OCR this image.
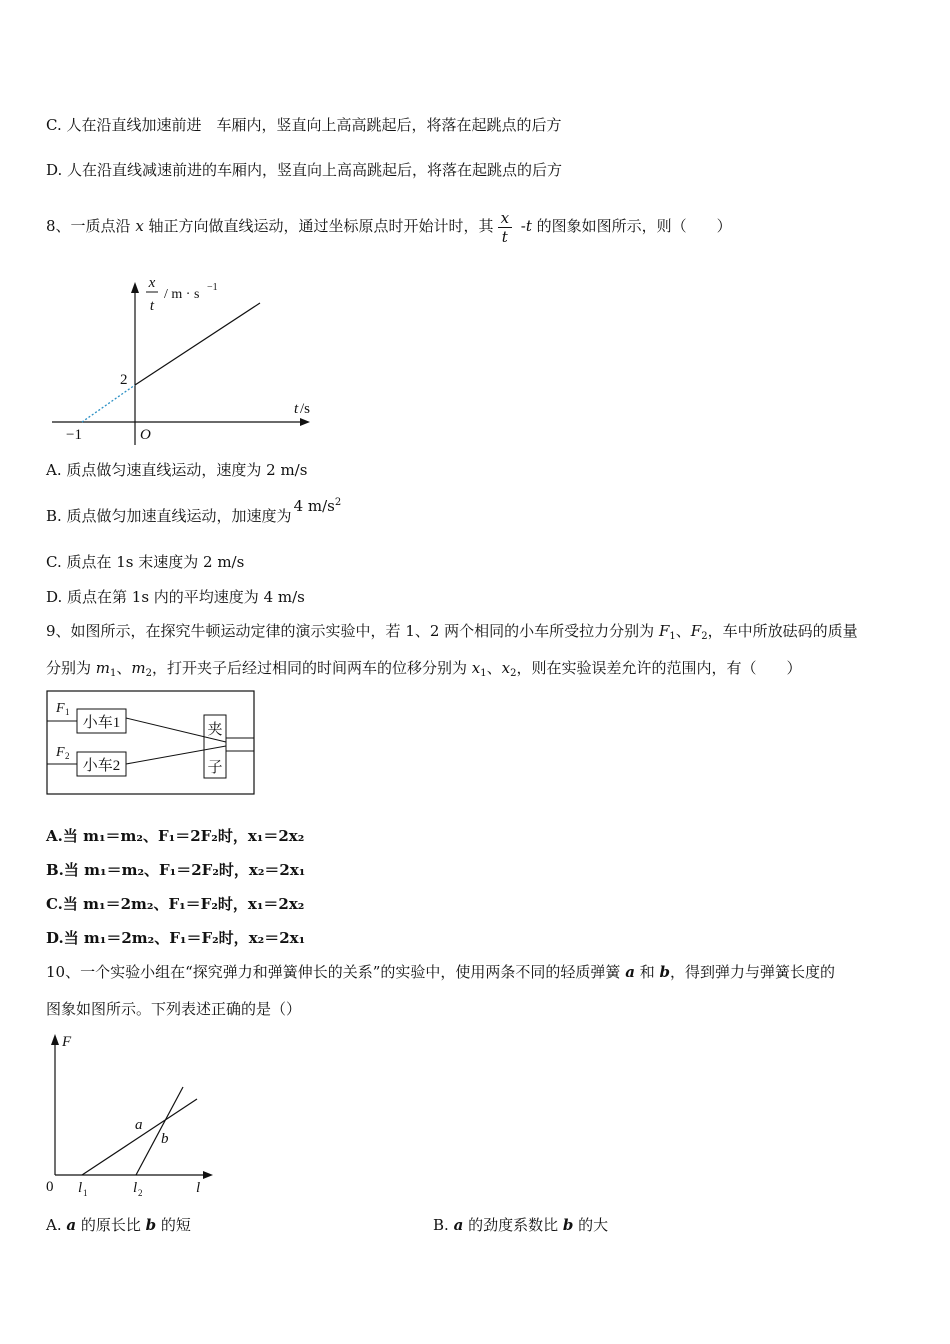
C. 人在沿直线加速前进　车厢内，竖直向上高高跳起后，将落在起跳点的后方
D. 人在沿直线减速前进的车厢内，竖直向上高高跳起后，将落在起跳点的后方
8、一质点沿 x 轴正方向做直线运动，通过坐标原点时开始计时，其 $\frac{x}{t} -t$ 的图象如图所示，则（　　）
x
t
/ m · s −1
2
−1	O
t /s
A. 质点做匀速直线运动，速度为 2 m/s
B. 质点做匀加速直线运动，加速度为4 $m/s^2$
C. 质点在 1s 末速度为 2 m/s
D. 质点在第 1s 内的平均速度为 4 m/s
9、如图所示，在探究牛顿运动定律的演示实验中，若 1、2 两个相同的小车所受拉力分别为 $F_1$、$F_2$，车中所放砝码的质量
分别为 $m_1$、$m_2$，打开夹子后经过相同的时间两车的位移分别为 $x_1$、$x_2$，则在实验误差允许的范围内，有（　　）
小车1
F 1
小车2
F 2
夹
子
A.当 m₁＝m₂、F₁＝2F₂时，x₁＝2x₂
B.当 m₁＝m₂、F₁＝2F₂时，x₂＝2x₁
C.当 m₁＝2m₂、F₁＝F₂时，x₁＝2x₂
D.当 m₁＝2m₂、F₁＝F₂时，x₂＝2x₁
10、一个实验小组在“探究弹力和弹簧伸长的关系”的实验中，使用两条不同的轻质弹簧 a 和 b，得到弹力与弹簧长度的
图象如图所示。下列表述正确的是（）
F
0
a
b
l 1	l 2	l
A. a 的原长比 b 的短	B. a 的劲度系数比 b 的大
